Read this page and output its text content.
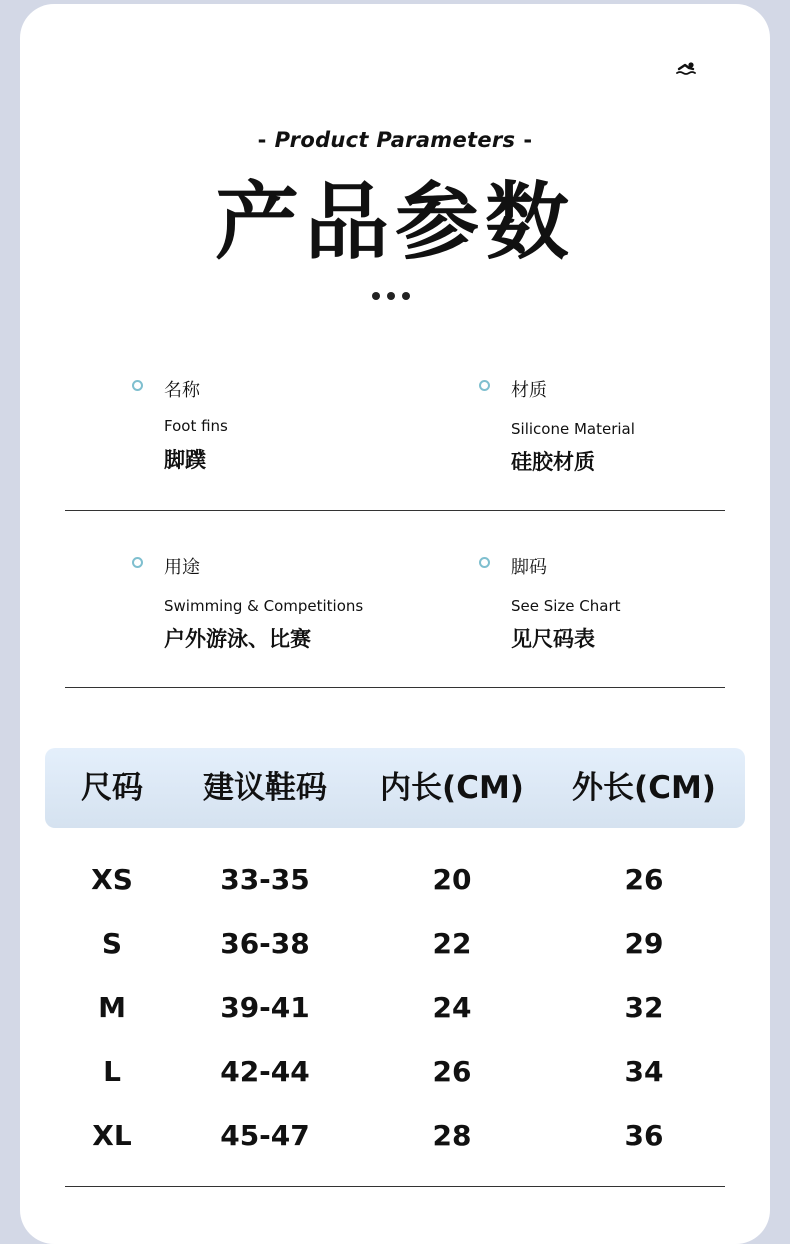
- Product Parameters -
产品参数
名称
Foot fins
脚蹼
材质
Silicone Material
硅胶材质
用途
Swimming & Competitions
户外游泳、比赛
脚码
See Size Chart
见尺码表
尺码	建议鞋码	内长(CM) 外长(CM)
XS	33-35	20	26
S	36-38	22	29
M	39-41	24	32
L	42-44	26	34
XL	45-47	28	36
